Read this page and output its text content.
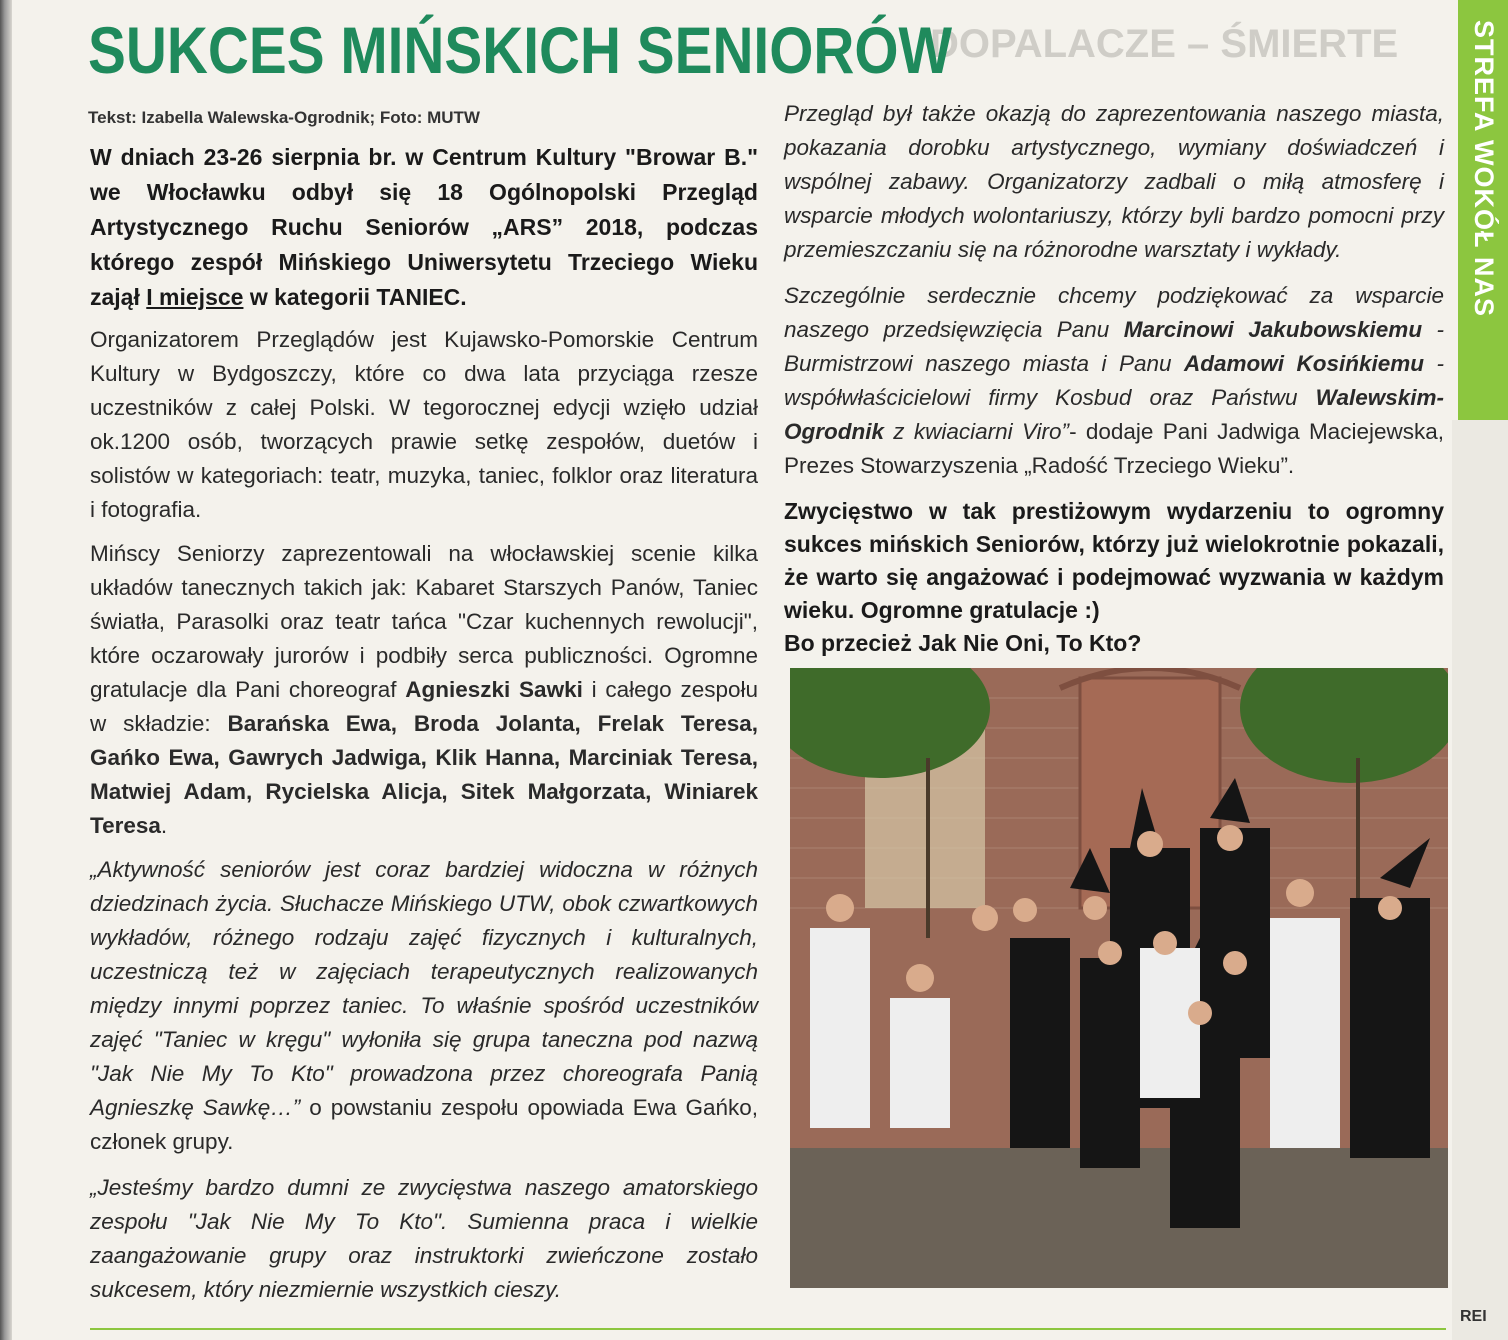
DOPALACZE – ŚMIERTE	STREFA WOKÓŁ NAS
SUKCES MIŃSKICH SENIORÓW
Tekst: Izabella Walewska-Ogrodnik; Foto: MUTW

W dniach 23-26 sierpnia br. w Centrum Kultury "Browar B." we Włocławku odbył się 18 Ogólnopolski Przegląd Artystycznego Ruchu Seniorów „ARS” 2018, podczas którego zespół Mińskiego Uniwersytetu Trzeciego Wieku zajął I miejsce w kategorii TANIEC.

Organizatorem Przeglądów jest Kujawsko-Pomorskie Centrum Kultury w Bydgoszczy, które co dwa lata przyciąga rzesze uczestników z całej Polski. W tegorocznej edycji wzięło udział ok.1200 osób, tworzących prawie setkę zespołów, duetów i solistów w kategoriach: teatr, muzyka, taniec, folklor oraz literatura i fotografia.

Mińscy Seniorzy zaprezentowali na włocławskiej scenie kilka układów tanecznych takich jak: Kabaret Starszych Panów, Taniec światła, Parasolki oraz teatr tańca "Czar kuchennych rewolucji", które oczarowały jurorów i podbiły serca publiczności. Ogromne gratulacje dla Pani choreograf Agnieszki Sawki i całego zespołu w składzie: Barańska Ewa, Broda Jolanta, Frelak Teresa, Gańko Ewa, Gawrych Jadwiga, Klik Hanna, Marciniak Teresa, Matwiej Adam, Rycielska Alicja, Sitek Małgorzata, Winiarek Teresa.

„Aktywność seniorów jest coraz bardziej widoczna w różnych dziedzinach życia. Słuchacze Mińskiego UTW, obok czwartkowych wykładów, różnego rodzaju zajęć fizycznych i kulturalnych, uczestniczą też w zajęciach terapeutycznych realizowanych między innymi poprzez taniec. To właśnie spośród uczestników zajęć "Taniec w kręgu" wyłoniła się grupa taneczna pod nazwą "Jak Nie My To Kto" prowadzona przez choreografa Panią Agnieszkę Sawkę…” o powstaniu zespołu opowiada Ewa Gańko, członek grupy.

„Jesteśmy bardzo dumni ze zwycięstwa naszego amatorskiego zespołu "Jak Nie My To Kto". Sumienna praca i wielkie zaangażowanie grupy oraz instruktorki zwieńczone zostało sukcesem, który niezmiernie wszystkich cieszy.

Przegląd był także okazją do zaprezentowania naszego miasta, pokazania dorobku artystycznego, wymiany doświadczeń i wspólnej zabawy. Organizatorzy zadbali o miłą atmosferę i wsparcie młodych wolontariuszy, którzy byli bardzo pomocni przy przemieszczaniu się na różnorodne warsztaty i wykłady.

Szczególnie serdecznie chcemy podziękować za wsparcie naszego przedsięwzięcia Panu Marcinowi Jakubowskiemu - Burmistrzowi naszego miasta i Panu Adamowi Kosińkiemu - współwłaścicielowi firmy Kosbud oraz Państwu Walewskim-Ogrodnik z kwiaciarni Viro”- dodaje Pani Jadwiga Maciejewska, Prezes Stowarzyszenia „Radość Trzeciego Wieku”.

Zwycięstwo w tak prestiżowym wydarzeniu to ogromny sukces mińskich Seniorów, którzy już wielokrotnie pokazali, że warto się angażować i podejmować wyzwania w każdym wieku. Ogromne gratulacje :)

Bo przecież Jak Nie Oni, To Kto?

REI
